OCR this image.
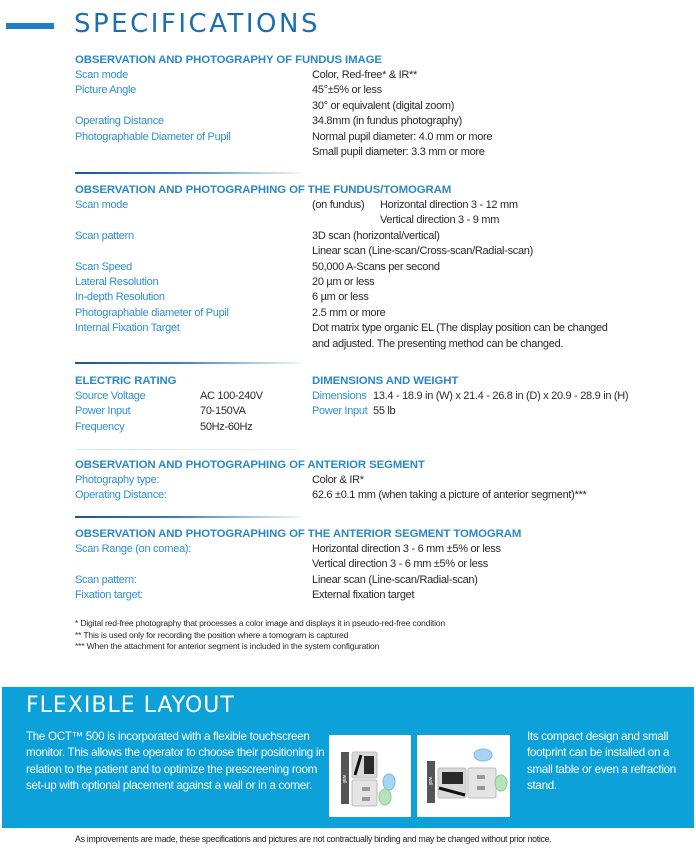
SPECIFICATIONS
OBSERVATION AND PHOTOGRAPHY OF FUNDUS IMAGE
Scan mode	Color, Red-free* & IR**
Picture Angle	45°±5% or less
30° or equivalent (digital zoom)
Operating Distance	34.8mm (in fundus photography)
Photographable Diameter of Pupil	Normal pupil diameter: 4.0 mm or more
Small pupil diameter: 3.3 mm or more
OBSERVATION AND PHOTOGRAPHING OF THE FUNDUS/TOMOGRAM
Scan mode	(on fundus) Horizontal direction 3 - 12 mm
Vertical direction 3 - 9 mm
Scan pattern	3D scan (horizontal/vertical)
Linear scan (Line-scan/Cross-scan/Radial-scan)
Scan Speed	50,000 A-Scans per second
Lateral Resolution	20 µm or less
In-depth Resolution	6 µm or less
Photographable diameter of Pupil	2.5 mm or more
Internal Fixation Target	Dot matrix type organic EL (The display position can be changed
and adjusted. The presenting method can be changed.
ELECTRIC RATING
Source Voltage	AC 100-240V
Power Input	70-150VA
Frequency	50Hz-60Hz
DIMENSIONS AND WEIGHT
Dimensions 13.4 - 18.9 in (W) x 21.4 - 26.8 in (D) x 20.9 - 28.9 in (H)
Power Input 55 lb
OBSERVATION AND PHOTOGRAPHING OF ANTERIOR SEGMENT
Photography type:	Color & IR*
Operating Distance:	62.6 ±0.1 mm (when taking a picture of anterior segment)***
OBSERVATION AND PHOTOGRAPHING OF THE ANTERIOR SEGMENT TOMOGRAM
Scan Range (on cornea):	Horizontal direction 3 - 6 mm ±5% or less
Vertical direction 3 - 6 mm ±5% or less
Scan pattern:	Linear scan (Line-scan/Radial-scan)
Fixation target:	External fixation target
* Digital red-free photography that processes a color image and displays it in pseudo-red-free condition
** This is used only for recording the position where a tomogram is captured
*** When the attachment for anterior segment is included in the system configuration
FLEXIBLE LAYOUT
The OCT™ 500 is incorporated with a flexible touchscreen monitor. This allows the operator to choose their positioning in relation to the patient and to optimize the prescreening room set-up with optional placement against a wall or in a corner.	wall	wall
Its compact design and small footprint can be installed on a small table or even a refraction stand.
As improvements are made, these specifications and pictures are not contractually binding and may be changed without prior notice.
